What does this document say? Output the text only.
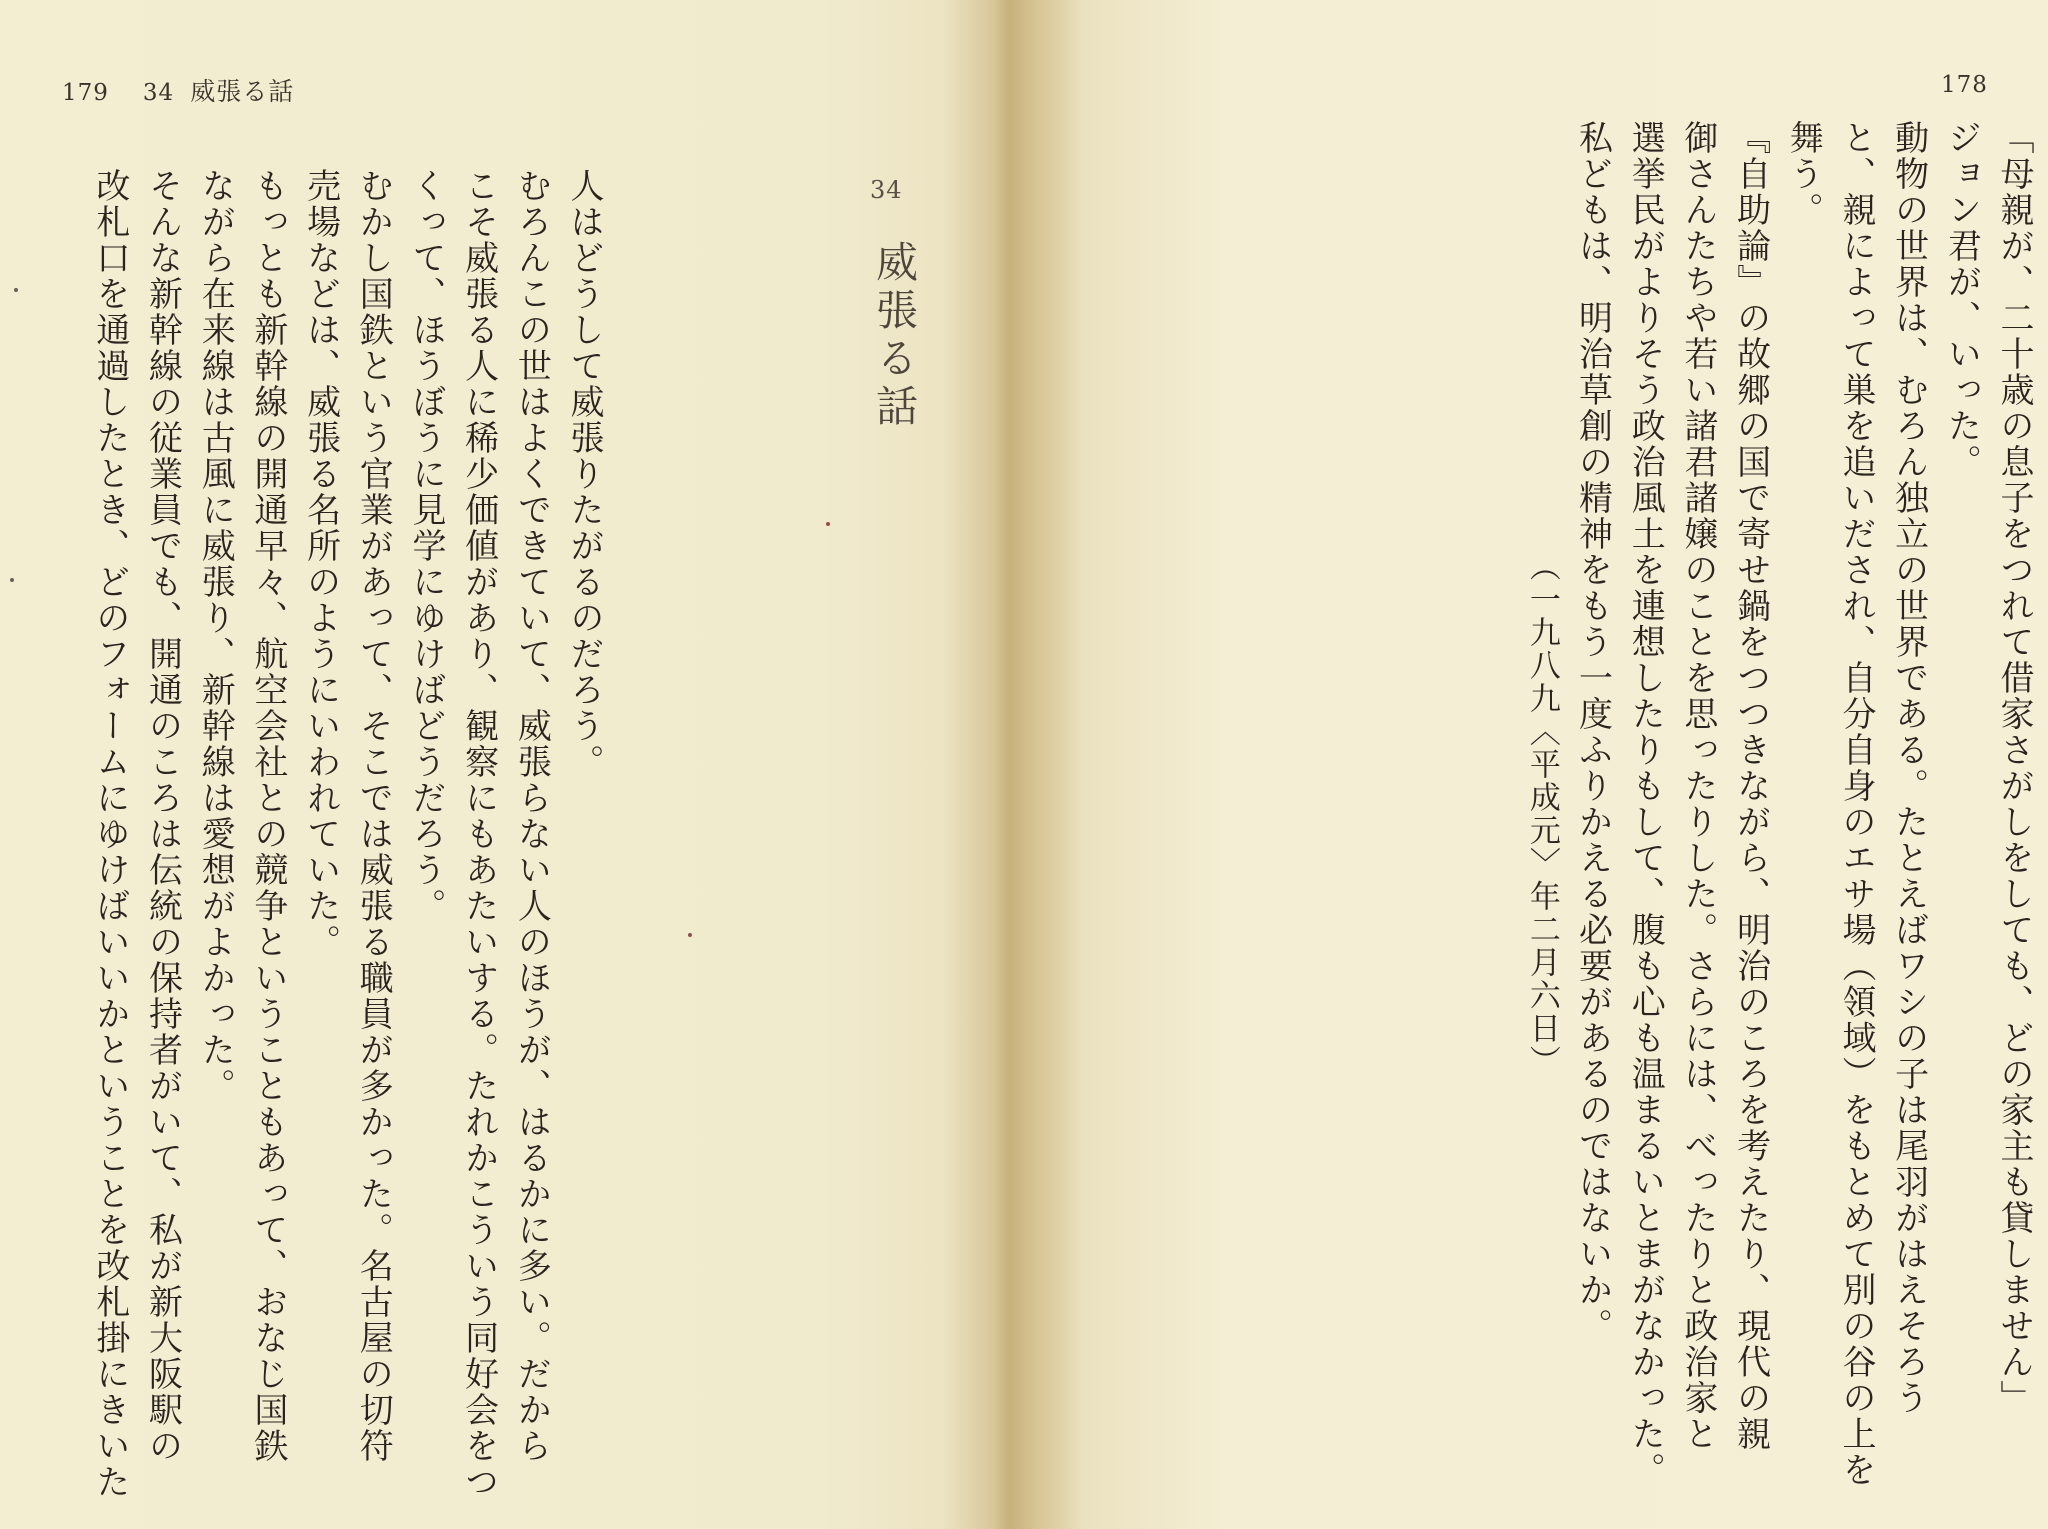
179 34 威張る話

人はどうして威張りたがるのだろう。

むろんこの世はよくできていて、威張らない人のほうが、はるかに多い。だから

こそ威張る人に稀少価値があり、観察にもあたいする。たれかこういう同好会をつ

くって、ほうぼうに見学にゆけばどうだろう。

むかし国鉄という官業があって、そこでは威張る職員が多かった。名古屋の切符

売場などは、威張る名所のようにいわれていた。

もっとも新幹線の開通早々、航空会社との競争ということもあって、おなじ国鉄

ながら在来線は古風に威張り、新幹線は愛想がよかった。

そんな新幹線の従業員でも、開通のころは伝統の保持者がいて、私が新大阪駅の

改札口を通過したとき、どのフォームにゆけばいいかということを改札掛にきいた	34
威張る話
178

「母親が、二十歳の息子をつれて借家さがしをしても、どの家主も貸しません」

ジョン君が、いった。

動物の世界は、むろん独立の世界である。たとえばワシの子は尾羽がはえそろう

と、親によって巣を追いだされ、自分自身のエサ場（領域）をもとめて別の谷の上を

舞う。

『自助論』の故郷の国で寄せ鍋をつつきながら、明治のころを考えたり、現代の親

御さんたちや若い諸君諸嬢のことを思ったりした。さらには、べったりと政治家と

選挙民がよりそう政治風土を連想したりもして、腹も心も温まるいとまがなかった。

私どもは、明治草創の精神をもう一度ふりかえる必要があるのではないか。

（一九八九〈平成元〉年二月六日）
